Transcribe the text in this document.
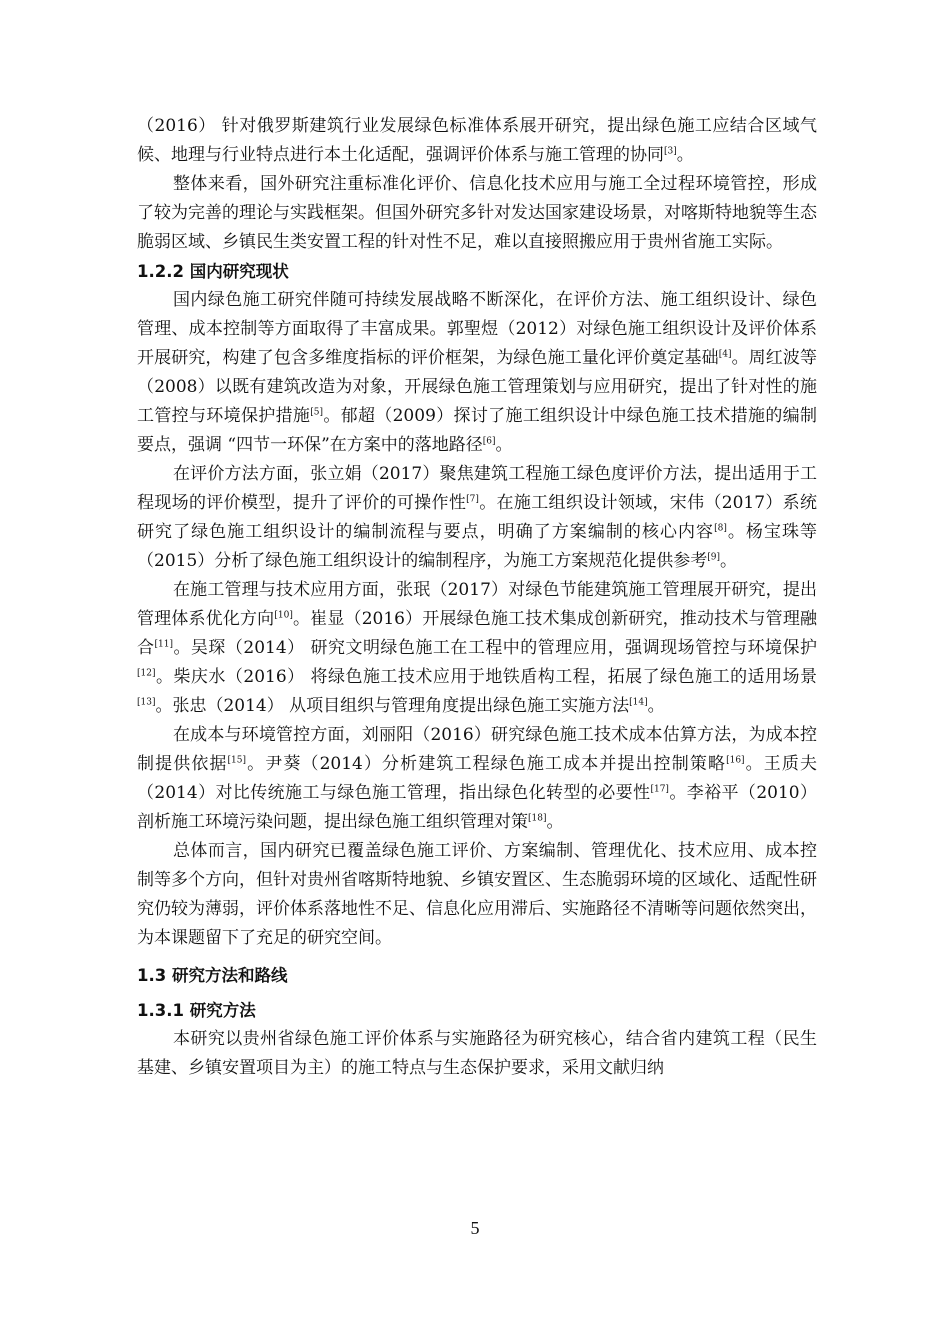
（2016） 针对俄罗斯建筑行业发展绿色标准体系展开研究，提出绿色施工应结合区域气候、地理与行业特点进行本土化适配，强调评价体系与施工管理的协同[3]。

整体来看，国外研究注重标准化评价、信息化技术应用与施工全过程环境管控，形成了较为完善的理论与实践框架。但国外研究多针对发达国家建设场景，对喀斯特地貌等生态脆弱区域、乡镇民生类安置工程的针对性不足，难以直接照搬应用于贵州省施工实际。

1.2.2 国内研究现状

国内绿色施工研究伴随可持续发展战略不断深化，在评价方法、施工组织设计、绿色管理、成本控制等方面取得了丰富成果。郭聖煜（2012）对绿色施工组织设计及评价体系开展研究，构建了包含多维度指标的评价框架，为绿色施工量化评价奠定基础[4]。周红波等（2008）以既有建筑改造为对象，开展绿色施工管理策划与应用研究，提出了针对性的施工管控与环境保护措施[5]。郁超（2009）探讨了施工组织设计中绿色施工技术措施的编制要点，强调 “四节一环保”在方案中的落地路径[6]。

在评价方法方面，张立娟（2017）聚焦建筑工程施工绿色度评价方法，提出适用于工程现场的评价模型，提升了评价的可操作性[7]。在施工组织设计领域，宋伟（2017）系统研究了绿色施工组织设计的编制流程与要点，明确了方案编制的核心内容[8]。杨宝珠等（2015）分析了绿色施工组织设计的编制程序，为施工方案规范化提供参考[9]。

在施工管理与技术应用方面，张珉（2017）对绿色节能建筑施工管理展开研究，提出管理体系优化方向[10]。崔显（2016）开展绿色施工技术集成创新研究，推动技术与管理融合[11]。吴琛（2014） 研究文明绿色施工在工程中的管理应用，强调现场管控与环境保护[12]。柴庆水（2016） 将绿色施工技术应用于地铁盾构工程，拓展了绿色施工的适用场景[13]。张忠（2014） 从项目组织与管理角度提出绿色施工实施方法[14]。

在成本与环境管控方面，刘丽阳（2016）研究绿色施工技术成本估算方法，为成本控制提供依据[15]。尹葵（2014）分析建筑工程绿色施工成本并提出控制策略[16]。王质夫（2014）对比传统施工与绿色施工管理，指出绿色化转型的必要性[17]。李裕平（2010）剖析施工环境污染问题，提出绿色施工组织管理对策[18]。

总体而言，国内研究已覆盖绿色施工评价、方案编制、管理优化、技术应用、成本控制等多个方向，但针对贵州省喀斯特地貌、乡镇安置区、生态脆弱环境的区域化、适配性研究仍较为薄弱，评价体系落地性不足、信息化应用滞后、实施路径不清晰等问题依然突出，为本课题留下了充足的研究空间。

1.3 研究方法和路线
1.3.1 研究方法

本研究以贵州省绿色施工评价体系与实施路径为研究核心，结合省内建筑工程（民生基建、乡镇安置项目为主）的施工特点与生态保护要求，采用文献归纳

5
